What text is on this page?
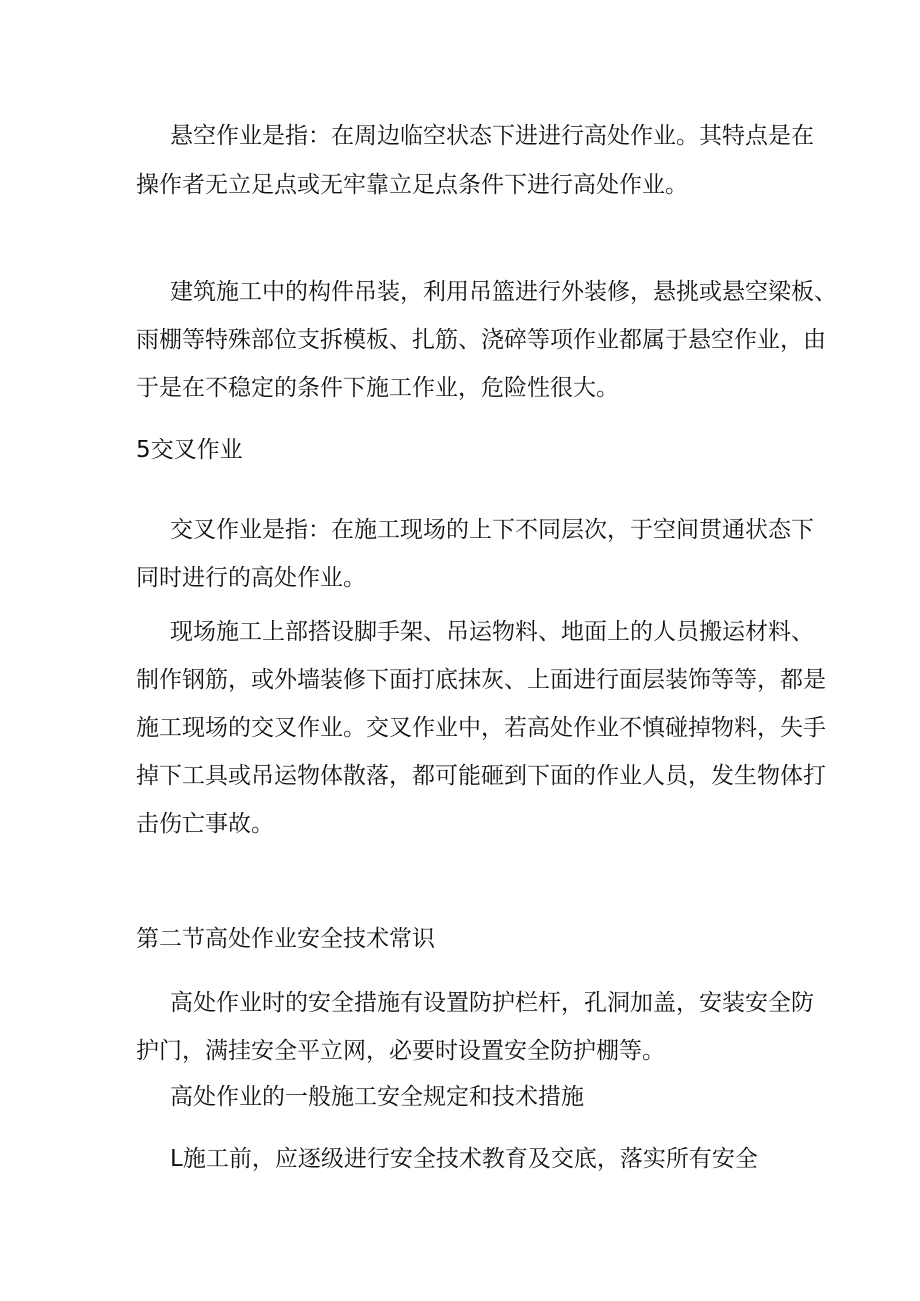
悬空作业是指：在周边临空状态下进进行高处作业。其特点是在
操作者无立足点或无牢靠立足点条件下进行高处作业。
建筑施工中的构件吊装，利用吊篮进行外装修，悬挑或悬空梁板、
雨棚等特殊部位支拆模板、扎筋、浇碎等项作业都属于悬空作业，由
于是在不稳定的条件下施工作业，危险性很大。
5交叉作业
交叉作业是指：在施工现场的上下不同层次，于空间贯通状态下
同时进行的高处作业。
现场施工上部搭设脚手架、吊运物料、地面上的人员搬运材料、
制作钢筋，或外墙装修下面打底抹灰、上面进行面层装饰等等，都是
施工现场的交叉作业。交叉作业中，若高处作业不慎碰掉物料，失手
掉下工具或吊运物体散落，都可能砸到下面的作业人员，发生物体打
击伤亡事故。
第二节高处作业安全技术常识
高处作业时的安全措施有设置防护栏杆，孔洞加盖，安装安全防
护门，满挂安全平立网，必要时设置安全防护棚等。
高处作业的一般施工安全规定和技术措施
L施工前，应逐级进行安全技术教育及交底，落实所有安全
